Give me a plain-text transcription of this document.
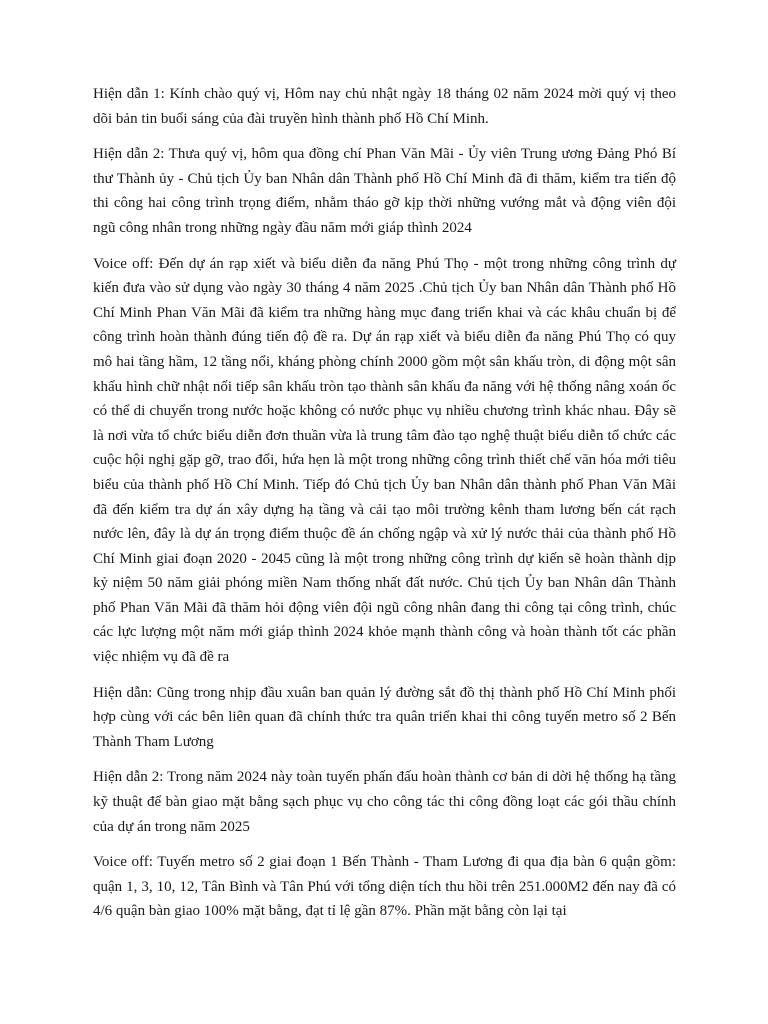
Hiện dẫn 1: Kính chào quý vị, Hôm nay chủ nhật ngày 18 tháng 02 năm 2024 mời quý vị theo dõi bản tin buổi sáng của đài truyền hình thành phố Hồ Chí Minh.

Hiện dẫn 2: Thưa quý vị, hôm qua đồng chí Phan Văn Mãi - Ủy viên Trung ương Đảng Phó Bí thư Thành ủy - Chủ tịch Ủy ban Nhân dân Thành phố Hồ Chí Minh đã đi thăm, kiểm tra tiến độ thi công hai công trình trọng điểm, nhằm tháo gỡ kịp thời những vướng mắt và động viên đội ngũ công nhân trong những ngày đầu năm mới giáp thình 2024

Voice off: Đến dự án rạp xiết và biểu diễn đa năng Phú Thọ - một trong những công trình dự kiến đưa vào sử dụng vào ngày 30 tháng 4 năm 2025 .Chủ tịch Ủy ban Nhân dân Thành phố Hồ Chí Minh Phan Văn Mãi đã kiểm tra những hàng mục đang triển khai và các khâu chuẩn bị để công trình hoàn thành đúng tiến độ đề ra. Dự án rạp xiết và biểu diễn đa năng Phú Thọ có quy mô hai tầng hầm, 12 tầng nổi, kháng phòng chính 2000 gồm một sân khấu tròn, di động một sân khấu hình chữ nhật nối tiếp sân khấu tròn tạo thành sân khấu đa năng với hệ thống nâng xoán ốc có thể di chuyển trong nước hoặc không có nước phục vụ nhiều chương trình khác nhau. Đây sẽ là nơi vừa tổ chức biểu diễn đơn thuần vừa là trung tâm đào tạo nghệ thuật biểu diễn tổ chức các cuộc hội nghị gặp gỡ, trao đổi, hứa hẹn là một trong những công trình thiết chế văn hóa mới tiêu biểu của thành phố Hồ Chí Minh. Tiếp đó Chủ tịch Ủy ban Nhân dân thành phố Phan Văn Mãi đã đến kiểm tra dự án xây dựng hạ tầng và cải tạo môi trường kênh tham lương bến cát rạch nước lên, đây là dự án trọng điểm thuộc đề án chống ngập và xử lý nước thải của thành phố Hồ Chí Minh giai đoạn 2020 - 2045 cũng là một trong những công trình dự kiến sẽ hoàn thành dịp kỷ niệm 50 năm giải phóng miền Nam thống nhất đất nước. Chủ tịch Ủy ban Nhân dân Thành phố Phan Văn Mãi đã thăm hỏi động viên đội ngũ công nhân đang thi công tại công trình, chúc các lực lượng một năm mới giáp thình 2024 khỏe mạnh thành công và hoàn thành tốt các phần việc nhiệm vụ đã đề ra

Hiện dẫn: Cũng trong nhịp đầu xuân ban quản lý đường sắt đồ thị thành phố Hồ Chí Minh phối hợp cùng với các bên liên quan đã chính thức tra quân triển khai thi công tuyến metro số 2 Bến Thành Tham Lương

Hiện dẫn 2: Trong năm 2024 này toàn tuyến phấn đấu hoàn thành cơ bản di dời hệ thống hạ tầng kỹ thuật để bàn giao mặt bằng sạch phục vụ cho công tác thi công đồng loạt các gói thầu chính của dự án trong năm 2025

Voice off: Tuyến metro số 2 giai đoạn 1 Bến Thành - Tham Lương đi qua địa bàn 6 quận gồm: quận 1, 3, 10, 12, Tân Bình và Tân Phú với tổng diện tích thu hồi trên 251.000M2 đến nay đã có 4/6 quận bàn giao 100% mặt bằng, đạt tỉ lệ gần 87%. Phần mặt bằng còn lại tại
